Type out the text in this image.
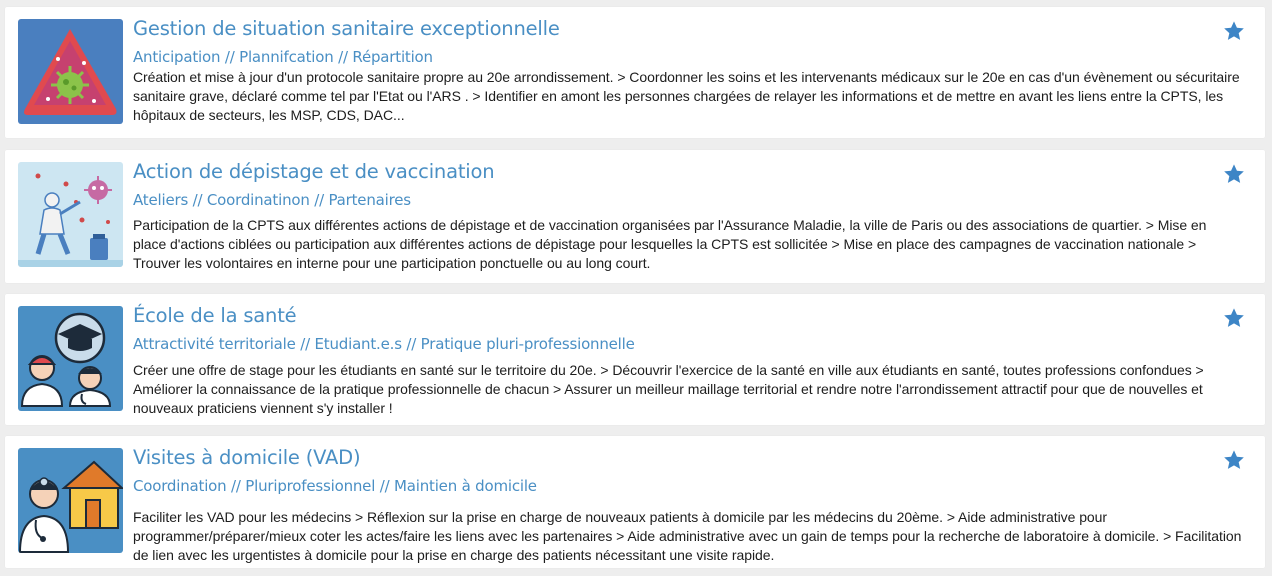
Gestion de situation sanitaire exceptionnelle
Anticipation // Plannifcation // Répartition
Création et mise à jour d'un protocole sanitaire propre au 20e arrondissement. > Coordonner les soins et les intervenants médicaux sur le 20e en cas d'un évènement ou sécuritaire sanitaire grave, déclaré comme tel par l'Etat ou l'ARS . > Identifier en amont les personnes chargées de relayer les informations et de mettre en avant les liens entre la CPTS, les hôpitaux de secteurs, les MSP, CDS, DAC...
Action de dépistage et de vaccination
Ateliers // Coordinatinon // Partenaires
Participation de la CPTS aux différentes actions de dépistage et de vaccination organisées par l'Assurance Maladie, la ville de Paris ou des associations de quartier. > Mise en place d'actions ciblées ou participation aux différentes actions de dépistage pour lesquelles la CPTS est sollicitée > Mise en place des campagnes de vaccination nationale > Trouver les volontaires en interne pour une participation ponctuelle ou au long court.
École de la santé
Attractivité territoriale // Etudiant.e.s // Pratique pluri-professionnelle
Créer une offre de stage pour les étudiants en santé sur le territoire du 20e. > Découvrir l'exercice de la santé en ville aux étudiants en santé, toutes professions confondues > Améliorer la connaissance de la pratique professionnelle de chacun > Assurer un meilleur maillage territorial et rendre notre l'arrondissement attractif pour que de nouvelles et nouveaux praticiens viennent s'y installer !
Visites à domicile (VAD)
Coordination // Pluriprofessionnel // Maintien à domicile
Faciliter les VAD pour les médecins > Réflexion sur la prise en charge de nouveaux patients à domicile par les médecins du 20ème. > Aide administrative pour programmer/préparer/mieux coter les actes/faire les liens avec les partenaires > Aide administrative avec un gain de temps pour la recherche de laboratoire à domicile. > Facilitation de lien avec les urgentistes à domicile pour la prise en charge des patients nécessitant une visite rapide.
